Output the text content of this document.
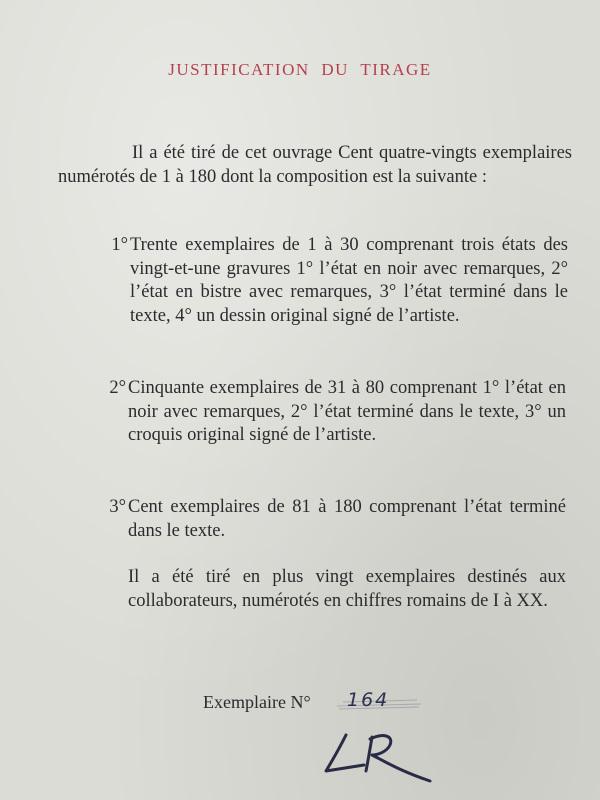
JUSTIFICATION DU TIRAGE

Il a été tiré de cet ouvrage Cent quatre-vingts exemplaires numérotés de 1 à 180 dont la composition est la suivante :

1° Trente exemplaires de 1 à 30 comprenant trois états des vingt-et-une gravures 1° l’état en noir avec remarques, 2° l’état en bistre avec remarques, 3° l’état terminé dans le texte, 4° un dessin original signé de l’artiste.

2° Cinquante exemplaires de 31 à 80 comprenant 1° l’état en noir avec remarques, 2° l’état terminé dans le texte, 3° un croquis original signé de l’artiste.

3° Cent exemplaires de 81 à 180 comprenant l’état terminé dans le texte.

Il a été tiré en plus vingt exemplaires destinés aux collaborateurs, numérotés en chiffres romains de I à XX.

Exemplaire N° 164
